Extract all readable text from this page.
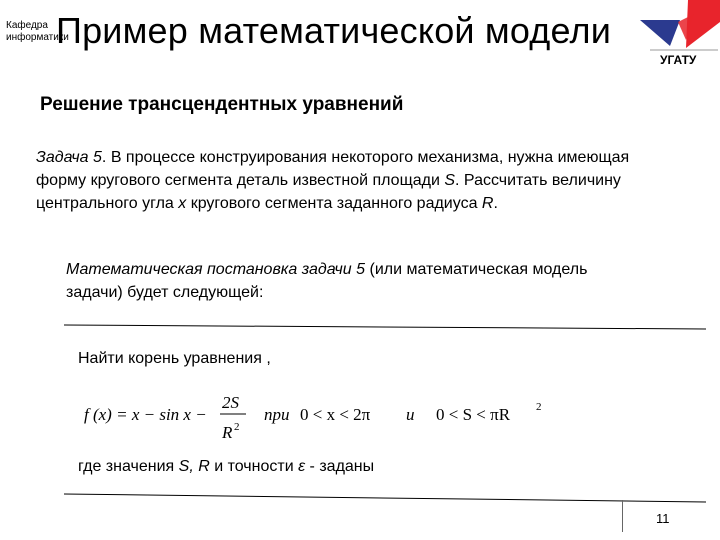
Кафедра
информатики
Пример математической модели
УГАТУ
Решение трансцендентных уравнений
Задача 5. В процессе конструирования некоторого механизма, нужна имеющая форму кругового сегмента деталь известной площади S. Рассчитать величину центрального угла x кругового сегмента заданного радиуса R.
Математическая постановка задачи 5 (или математическая модель задачи) будет следующей:
Найти корень уравнения ,
f (x) = x − sin x −
2S
R 2
при 0 < x < 2π и 0 < S < πR 2
где значения S, R и точности ε - заданы
11
